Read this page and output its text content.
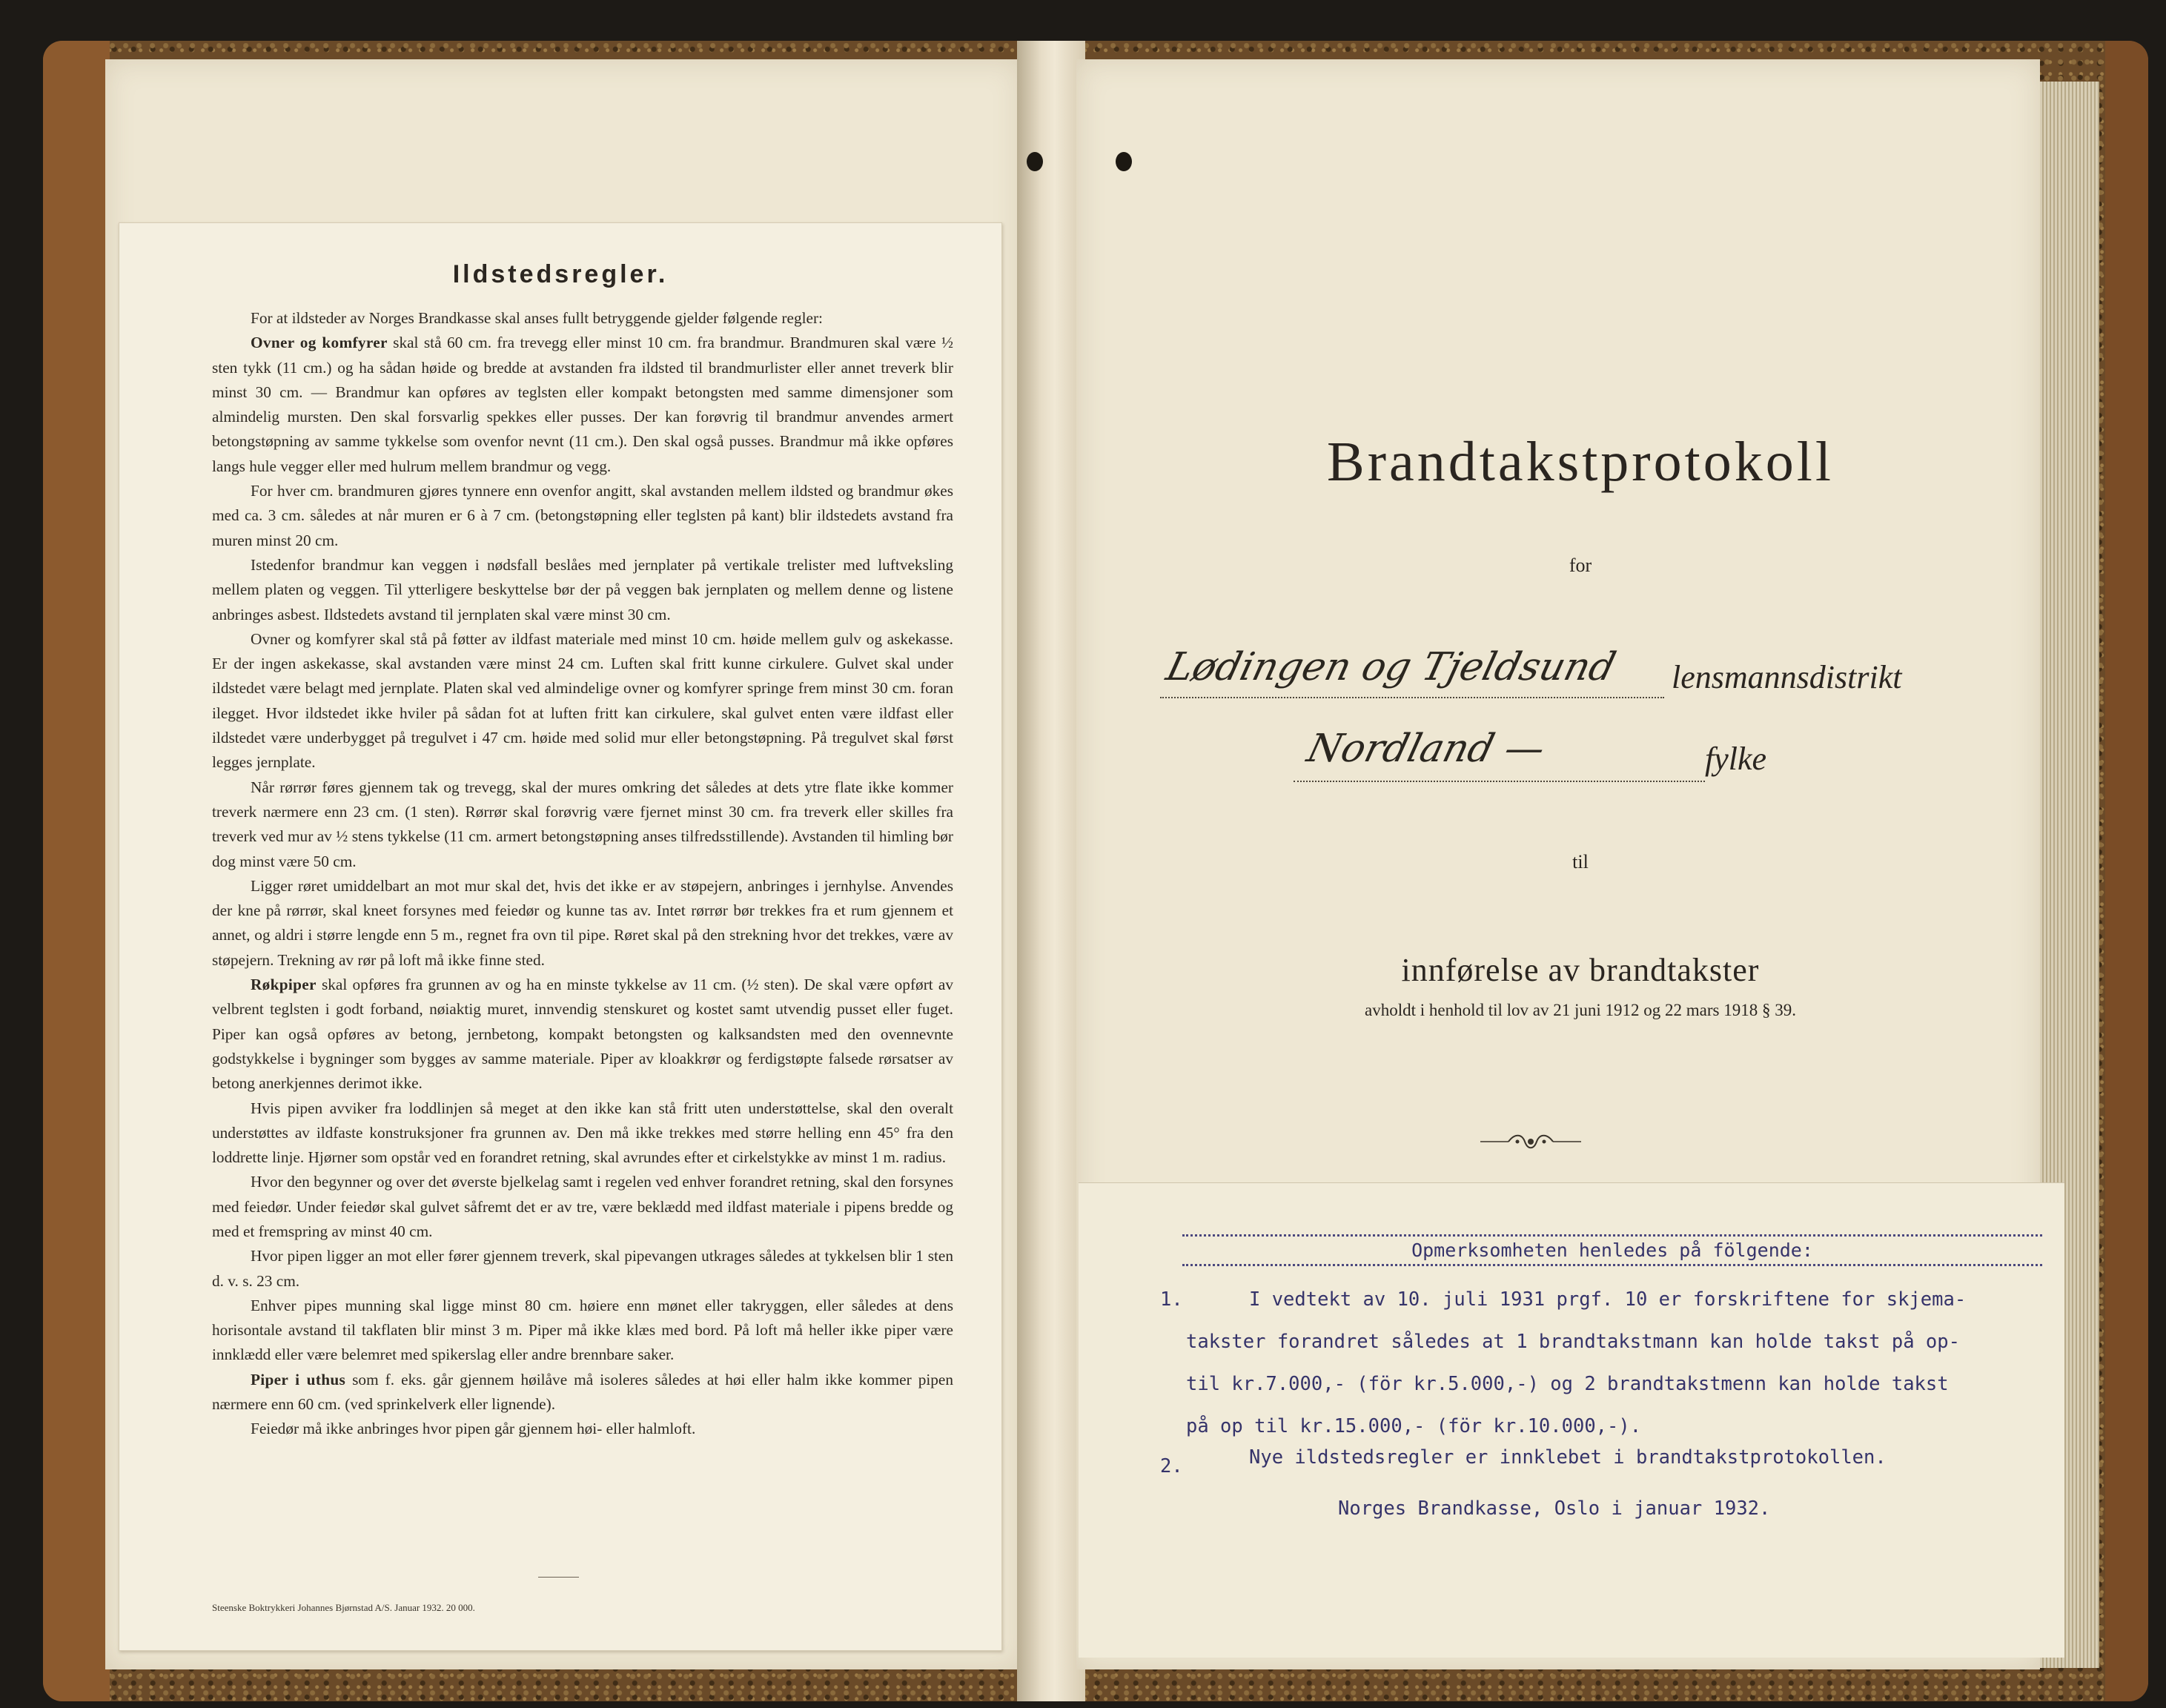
Ildstedsregler.

For at ildsteder av Norges Brandkasse skal anses fullt betryggende gjelder følgende regler:

Ovner og komfyrer skal stå 60 cm. fra trevegg eller minst 10 cm. fra brandmur. Brandmuren skal være ½ sten tykk (11 cm.) og ha sådan høide og bredde at avstanden fra ildsted til brandmurlister eller annet treverk blir minst 30 cm. — Brandmur kan opføres av teglsten eller kompakt betongsten med samme dimensjoner som almindelig mursten. Den skal forsvarlig spekkes eller pusses. Der kan forøvrig til brandmur anvendes armert betongstøpning av samme tykkelse som ovenfor nevnt (11 cm.). Den skal også pusses. Brandmur må ikke opføres langs hule vegger eller med hulrum mellem brandmur og vegg.

For hver cm. brandmuren gjøres tynnere enn ovenfor angitt, skal avstanden mellem ildsted og brandmur økes med ca. 3 cm. således at når muren er 6 à 7 cm. (betongstøpning eller teglsten på kant) blir ildstedets avstand fra muren minst 20 cm.

Istedenfor brandmur kan veggen i nødsfall beslåes med jernplater på vertikale trelister med luftveksling mellem platen og veggen. Til ytterligere beskyttelse bør der på veggen bak jernplaten og mellem denne og listene anbringes asbest. Ildstedets avstand til jernplaten skal være minst 30 cm.

Ovner og komfyrer skal stå på føtter av ildfast materiale med minst 10 cm. høide mellem gulv og askekasse. Er der ingen askekasse, skal avstanden være minst 24 cm. Luften skal fritt kunne cirkulere. Gulvet skal under ildstedet være belagt med jernplate. Platen skal ved almindelige ovner og komfyrer springe frem minst 30 cm. foran ilegget. Hvor ildstedet ikke hviler på sådan fot at luften fritt kan cirkulere, skal gulvet enten være ildfast eller ildstedet være underbygget på tregulvet i 47 cm. høide med solid mur eller betongstøpning. På tregulvet skal først legges jernplate.

Når rørrør føres gjennem tak og trevegg, skal der mures omkring det således at dets ytre flate ikke kommer treverk nærmere enn 23 cm. (1 sten). Rørrør skal forøvrig være fjernet minst 30 cm. fra treverk eller skilles fra treverk ved mur av ½ stens tykkelse (11 cm. armert betongstøpning anses tilfredsstillende). Avstanden til himling bør dog minst være 50 cm.

Ligger røret umiddelbart an mot mur skal det, hvis det ikke er av støpejern, anbringes i jernhylse. Anvendes der kne på rørrør, skal kneet forsynes med feiedør og kunne tas av. Intet rørrør bør trekkes fra et rum gjennem et annet, og aldri i større lengde enn 5 m., regnet fra ovn til pipe. Røret skal på den strekning hvor det trekkes, være av støpejern. Trekning av rør på loft må ikke finne sted.

Røkpiper skal opføres fra grunnen av og ha en minste tykkelse av 11 cm. (½ sten). De skal være opført av velbrent teglsten i godt forband, nøiaktig muret, innvendig stenskuret og kostet samt utvendig pusset eller fuget. Piper kan også opføres av betong, jernbetong, kompakt betongsten og kalksandsten med den ovennevnte godstykkelse i bygninger som bygges av samme materiale. Piper av kloakkrør og ferdigstøpte falsede rørsatser av betong anerkjennes derimot ikke.

Hvis pipen avviker fra loddlinjen så meget at den ikke kan stå fritt uten understøttelse, skal den overalt understøttes av ildfaste konstruksjoner fra grunnen av. Den må ikke trekkes med større helling enn 45° fra den loddrette linje. Hjørner som opstår ved en forandret retning, skal avrundes efter et cirkelstykke av minst 1 m. radius.

Hvor den begynner og over det øverste bjelkelag samt i regelen ved enhver forandret retning, skal den forsynes med feiedør. Under feiedør skal gulvet såfremt det er av tre, være beklædd med ildfast materiale i pipens bredde og med et fremspring av minst 40 cm.

Hvor pipen ligger an mot eller fører gjennem treverk, skal pipevangen utkrages således at tykkelsen blir 1 sten d. v. s. 23 cm.

Enhver pipes munning skal ligge minst 80 cm. høiere enn mønet eller takryggen, eller således at dens horisontale avstand til takflaten blir minst 3 m. Piper må ikke klæs med bord. På loft må heller ikke piper være innklædd eller være belemret med spikerslag eller andre brennbare saker.

Piper i uthus som f. eks. går gjennem høilåve må isoleres således at høi eller halm ikke kommer pipen nærmere enn 60 cm. (ved sprinkelverk eller lignende).

Feiedør må ikke anbringes hvor pipen går gjennem høi- eller halmloft.

Steenske Boktrykkeri Johannes Bjørnstad A/S. Januar 1932. 20 000.
Brandtakstprotokoll
for
Lødingen og Tjeldsund lensmannsdistrikt
Nordland —	fylke
til
innførelse av brandtakster
avholdt i henhold til lov av 21 juni 1912 og 22 mars 1918 § 39.
Opmerksomheten henledes på fölgende:
1.	I vedtekt av 10. juli 1931 prgf. 10 er forskriftene for skjema-
takster forandret således at 1 brandtakstmann kan holde takst på op-
til kr.7.000,- (för kr.5.000,-) og 2 brandtakstmenn kan holde takst
på op til kr.15.000,- (för kr.10.000,-).
2.	Nye ildstedsregler er innklebet i brandtakstprotokollen.
Norges Brandkasse, Oslo i januar 1932.
